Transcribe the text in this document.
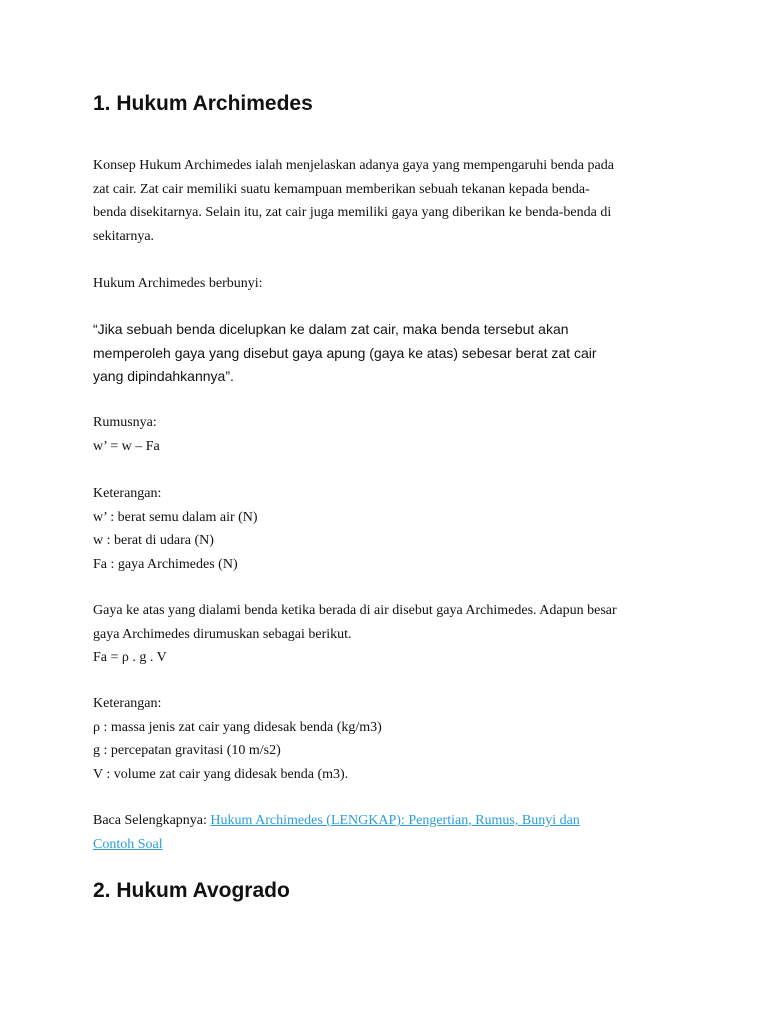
1. Hukum Archimedes

Konsep Hukum Archimedes ialah menjelaskan adanya gaya yang mempengaruhi benda pada
zat cair. Zat cair memiliki suatu kemampuan memberikan sebuah tekanan kepada benda-
benda disekitarnya. Selain itu, zat cair juga memiliki gaya yang diberikan ke benda-benda di
sekitarnya.

Hukum Archimedes berbunyi:

“Jika sebuah benda dicelupkan ke dalam zat cair, maka benda tersebut akan
memperoleh gaya yang disebut gaya apung (gaya ke atas) sebesar berat zat cair
yang dipindahkannya”.

Rumusnya:
w’ = w – Fa

Keterangan:
w’ : berat semu dalam air (N)
w : berat di udara (N)
Fa : gaya Archimedes (N)

Gaya ke atas yang dialami benda ketika berada di air disebut gaya Archimedes. Adapun besar
gaya Archimedes dirumuskan sebagai berikut.
Fa = ρ . g . V

Keterangan:
ρ : massa jenis zat cair yang didesak benda (kg/m3)
g : percepatan gravitasi (10 m/s2)
V : volume zat cair yang didesak benda (m3).

Baca Selengkapnya: Hukum Archimedes (LENGKAP): Pengertian, Rumus, Bunyi dan
Contoh Soal

2. Hukum Avogrado
